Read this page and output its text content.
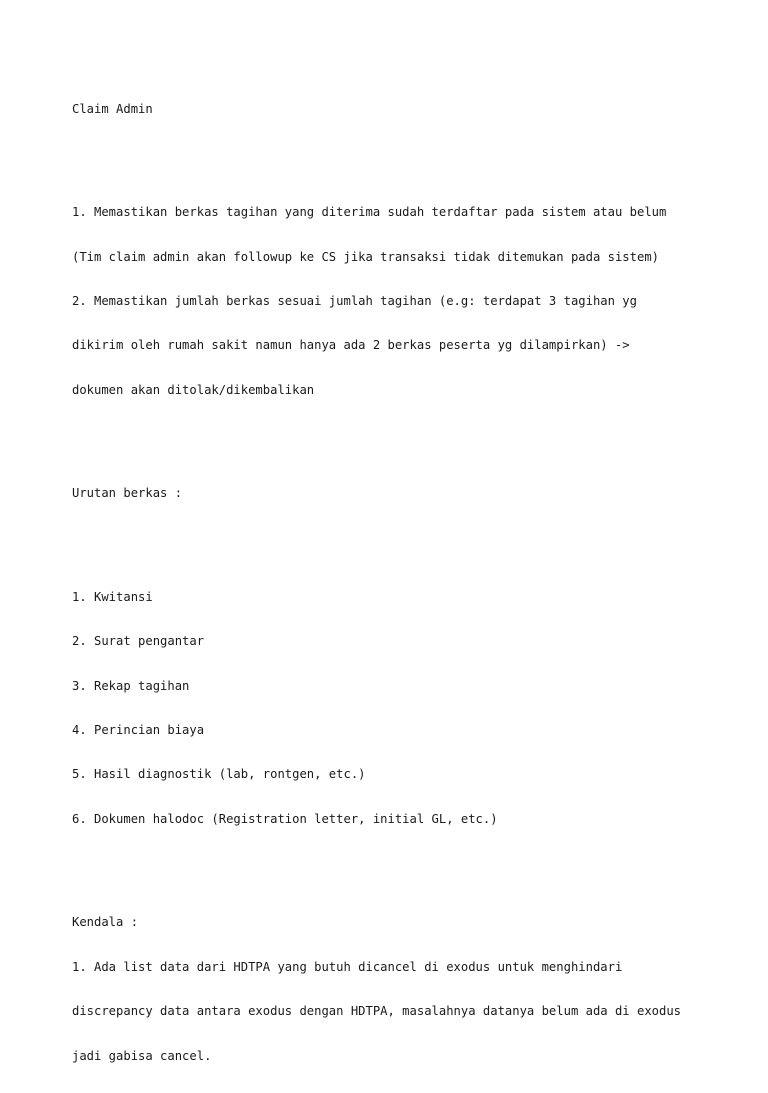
Claim Admin

1. Memastikan berkas tagihan yang diterima sudah terdaftar pada sistem atau belum

(Tim claim admin akan followup ke CS jika transaksi tidak ditemukan pada sistem)

2. Memastikan jumlah berkas sesuai jumlah tagihan (e.g: terdapat 3 tagihan yg

dikirim oleh rumah sakit namun hanya ada 2 berkas peserta yg dilampirkan) ->

dokumen akan ditolak/dikembalikan

Urutan berkas :

1. Kwitansi

2. Surat pengantar

3. Rekap tagihan

4. Perincian biaya

5. Hasil diagnostik (lab, rontgen, etc.)

6. Dokumen halodoc (Registration letter, initial GL, etc.)

Kendala :

1. Ada list data dari HDTPA yang butuh dicancel di exodus untuk menghindari

discrepancy data antara exodus dengan HDTPA, masalahnya datanya belum ada di exodus

jadi gabisa cancel.
